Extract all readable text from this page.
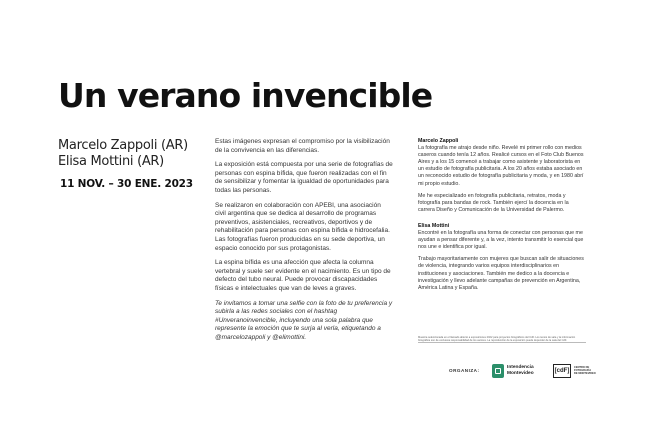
Un verano invencible
Marcelo Zappoli (AR)
Elisa Mottini (AR)
11 NOV. – 30 ENE. 2023

Estas imágenes expresan el compromiso por la visibilización de la convivencia en las diferencias.

La exposición está compuesta por una serie de fotografías de personas con espina bífida, que fueron realizadas con el fin de sensibilizar y fomentar la igualdad de oportunidades para todas las personas.

Se realizaron en colaboración con APEBI, una asociación civil argentina que se dedica al desarrollo de programas preventivos, asistenciales, recreativos, deportivos y de rehabilitación para personas con espina bífida e hidrocefalia. Las fotografías fueron producidas en su sede deportiva, un espacio conocido por sus protagonistas.

La espina bífida es una afección que afecta la columna vertebral y suele ser evidente en el nacimiento. Es un tipo de defecto del tubo neural. Puede provocar discapacidades físicas e intelectuales que van de leves a graves.

Te invitamos a tomar una selfie con la foto de tu preferencia y subirla a las redes sociales con el hashtag #Unveranoinvencible, incluyendo una sola palabra que represente la emoción que te surja al verla, etiquetando a @marcelozappoli y @elimottini.

Marcelo Zappoli

La fotografía me atrajo desde niño. Revelé mi primer rollo con medios caseros cuando tenía 12 años. Realicé cursos en el Foto Club Buenos Aires y a los 15 comencé a trabajar como asistente y laboratorista en un estudio de fotografía publicitaria. A los 20 años estaba asociado en un reconocido estudio de fotografía publicitaria y moda, y en 1980 abrí mi propio estudio.

Me he especializado en fotografía publicitaria, retratos, moda y fotografía para bandas de rock. También ejercí la docencia en la carrera Diseño y Comunicación de la Universidad de Palermo.

Elisa Mottini

Encontré en la fotografía una forma de conectar con personas que me ayudan a pensar diferente y, a la vez, intento transmitir lo esencial que nos une e identifica por igual.

Trabajo mayoritariamente con mujeres que buscan salir de situaciones de violencia, integrando varios equipos interdisciplinarios en instituciones y asociaciones. También me dedico a la docencia e investigación y llevo adelante campañas de prevención en Argentina, América Latina y España.

Muestra seleccionada en el llamado abierto a exposiciones 2022 para proyectos fotográficos del CdF. Los textos de sala y la información fotográfica son de exclusiva responsabilidad de los autores. La reproducción de la exposición puede depender de la sala del CdF.
ORGANIZA:
Intendencia
Montevideo	[cdF]
CENTRO DE
FOTOGRAFÍA
DE MONTEVIDEO
